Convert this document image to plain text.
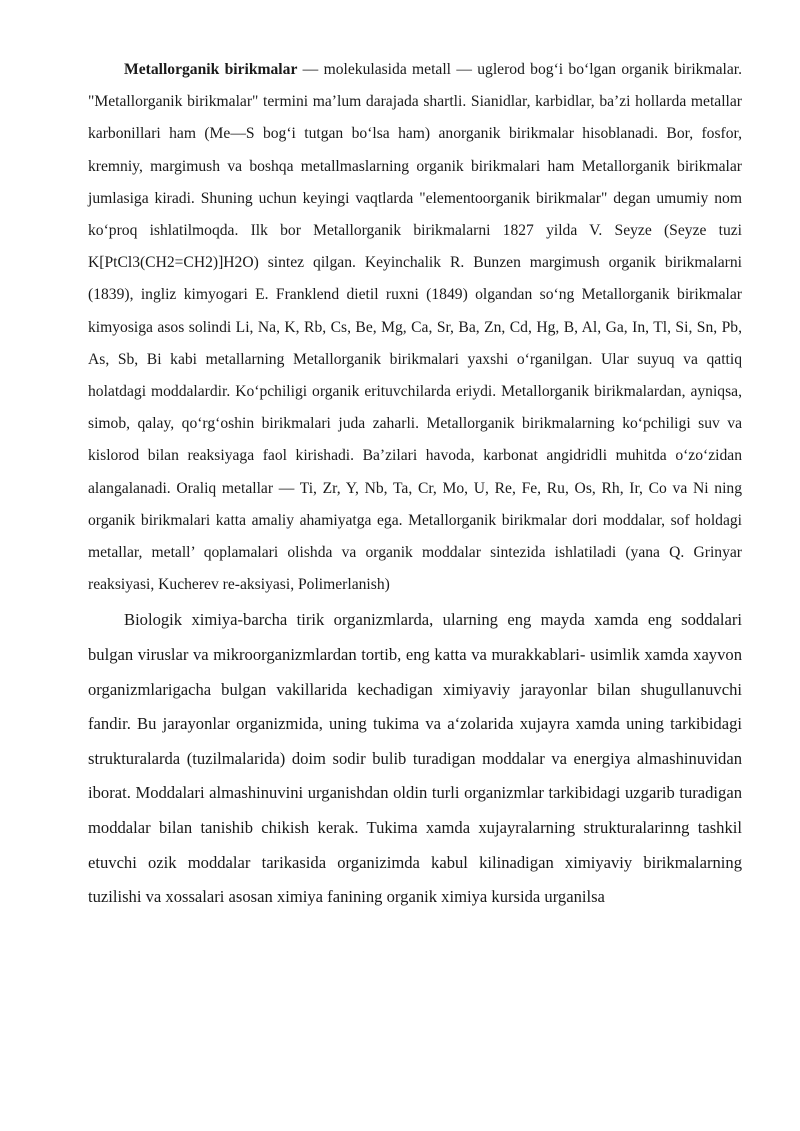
Metallorganik birikmalar — molekulasida metall — uglerod bog‘i bo‘lgan organik birikmalar. "Metallorganik birikmalar" termini ma’lum darajada shartli. Sianidlar, karbidlar, ba’zi hollarda metallar karbonillari ham (Me—S bog‘i tutgan bo‘lsa ham) anorganik birikmalar hisoblanadi. Bor, fosfor, kremniy, margimush va boshqa metallmaslarning organik birikmalari ham Metallorganik birikmalar jumlasiga kiradi. Shuning uchun keyingi vaqtlarda "elementoorganik birikmalar" degan umumiy nom ko‘proq ishlatilmoqda. Ilk bor Metallorganik birikmalarni 1827 yilda V. Seyze (Seyze tuzi K[PtCl3(CH2=CH2)]H2O) sintez qilgan. Keyinchalik R. Bunzen margimush organik birikmalarni (1839), ingliz kimyogari E. Franklend dietil ruxni (1849) olgandan so‘ng Metallorganik birikmalar kimyosiga asos solindi Li, Na, K, Rb, Cs, Be, Mg, Ca, Sr, Ba, Zn, Cd, Hg, B, Al, Ga, In, Tl, Si, Sn, Pb, As, Sb, Bi kabi metallarning Metallorganik birikmalari yaxshi o‘rganilgan. Ular suyuq va qattiq holatdagi moddalardir. Ko‘pchiligi organik erituvchilarda eriydi. Metallorganik birikmalardan, ayniqsa, simob, qalay, qo‘rg‘oshin birikmalari juda zaharli. Metallorganik birikmalarning ko‘pchiligi suv va kislorod bilan reaksiyaga faol kirishadi. Ba’zilari havoda, karbonat angidridli muhitda o‘zo‘zidan alangalanadi. Oraliq metallar — Ti, Zr, Y, Nb, Ta, Cr, Mo, U, Re, Fe, Ru, Os, Rh, Ir, Co va Ni ning organik birikmalari katta amaliy ahamiyatga ega. Metallorganik birikmalar dori moddalar, sof holdagi metallar, metall’ qoplamalari olishda va organik moddalar sintezida ishlatiladi (yana Q. Grinyar reaksiyasi, Kucherev re-aksiyasi, Polimerlanish)

Biologik ximiya-barcha tirik organizmlarda, ularning eng mayda xamda eng soddalari bulgan viruslar va mikroorganizmlardan tortib, eng katta va murakkablari- usimlik xamda xayvon organizmlarigacha bulgan vakillarida kechadigan ximiyaviy jarayonlar bilan shugullanuvchi fandir. Bu jarayonlar organizmida, uning tukima va a‘zolarida xujayra xamda uning tarkibidagi strukturalarda (tuzilmalarida) doim sodir bulib turadigan moddalar va energiya almashinuvidan iborat. Moddalari almashinuvini urganishdan oldin turli organizmlar tarkibidagi uzgarib turadigan moddalar bilan tanishib chikish kerak. Tukima xamda xujayralarning strukturalarinng tashkil etuvchi ozik moddalar tarikasida organizimda kabul kilinadigan ximiyaviy birikmalarning tuzilishi va xossalari asosan ximiya fanining organik ximiya kursida urganilsa
